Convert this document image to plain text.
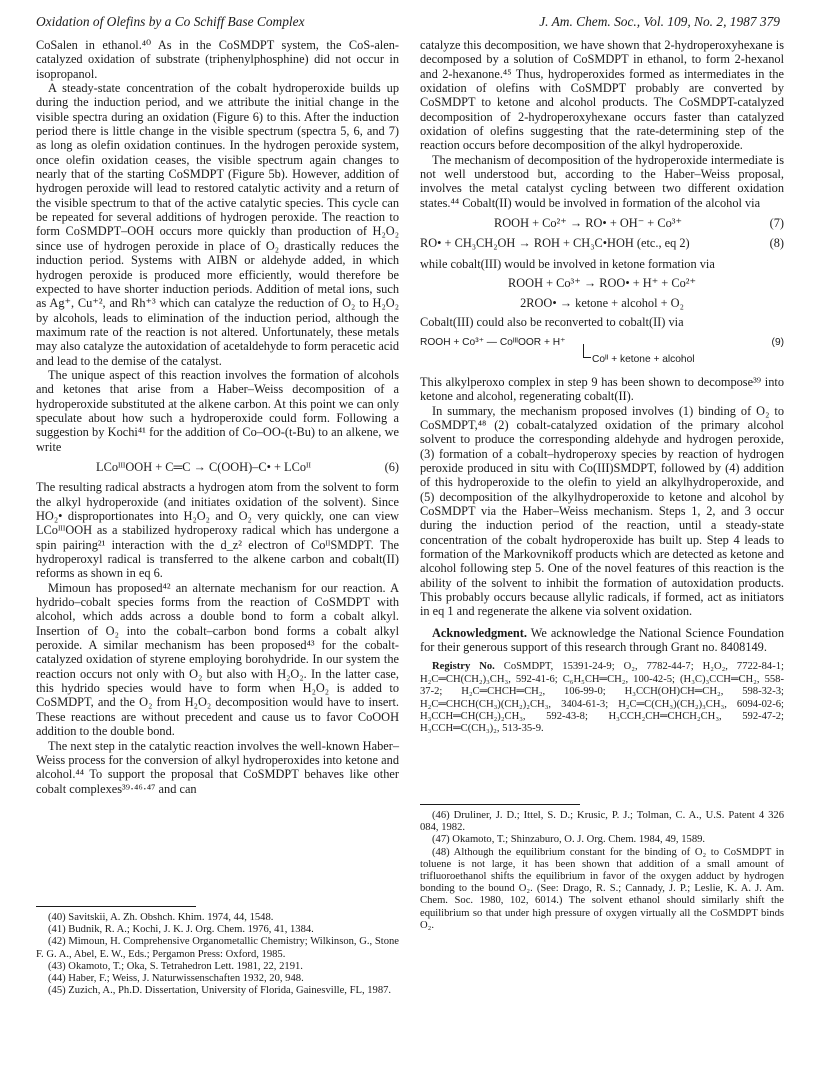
Oxidation of Olefins by a Co Schiff Base Complex	J. Am. Chem. Soc., Vol. 109, No. 2, 1987 379

CoSalen in ethanol.⁴⁰ As in the CoSMDPT system, the CoS-alen-catalyzed oxidation of substrate (triphenylphosphine) did not occur in isopropanol.

A steady-state concentration of the cobalt hydroperoxide builds up during the induction period, and we attribute the initial change in the visible spectra during an oxidation (Figure 6) to this. After the induction period there is little change in the visible spectrum (spectra 5, 6, and 7) as long as olefin oxidation continues. In the hydrogen peroxide system, once olefin oxidation ceases, the visible spectrum again changes to nearly that of the starting CoSMDPT (Figure 5b). However, addition of hydrogen peroxide will lead to restored catalytic activity and a return of the visible spectrum to that of the active catalytic species. This cycle can be repeated for several additions of hydrogen peroxide. The reaction to form CoSMDPT–OOH occurs more quickly than production of H₂O₂ since use of hydrogen peroxide in place of O₂ drastically reduces the induction period. Systems with AIBN or aldehyde added, in which hydrogen peroxide is produced more efficiently, would therefore be expected to have shorter induction periods. Addition of metal ions, such as Ag⁺, Cu⁺², and Rh⁺³ which can catalyze the reduction of O₂ to H₂O₂ by alcohols, leads to elimination of the induction period, although the maximum rate of the reaction is not altered. Unfortunately, these metals may also catalyze the autoxidation of acetaldehyde to form peracetic acid and lead to the demise of the catalyst.

The unique aspect of this reaction involves the formation of alcohols and ketones that arise from a Haber–Weiss decomposition of a hydroperoxide substituted at the alkene carbon. At this point we can only speculate about how such a hydroperoxide could form. Following a suggestion by Kochi⁴¹ for the addition of Co–OO-(t-Bu) to an alkene, we write

LCoᴵᴵᴵOOH + C═C → C(OOH)–C• + LCoᴵᴵ	(6)

The resulting radical abstracts a hydrogen atom from the solvent to form the alkyl hydroperoxide (and initiates oxidation of the solvent). Since HO₂• disproportionates into H₂O₂ and O₂ very quickly, one can view LCoᴵᴵᴵOOH as a stabilized hydroperoxy radical which has undergone a spin pairing²¹ interaction with the d_z² electron of CoᴵᴵSMDPT. The hydroperoxyl radical is transferred to the alkene carbon and cobalt(II) reforms as shown in eq 6.

Mimoun has proposed⁴² an alternate mechanism for our reaction. A hydrido–cobalt species forms from the reaction of CoSMDPT with alcohol, which adds across a double bond to form a cobalt alkyl. Insertion of O₂ into the cobalt–carbon bond forms a cobalt alkyl peroxide. A similar mechanism has been proposed⁴³ for the cobalt-catalyzed oxidation of styrene employing borohydride. In our system the reaction occurs not only with O₂ but also with H₂O₂. In the latter case, this hydrido species would have to form when H₂O₂ is added to CoSMDPT, and the O₂ from H₂O₂ decomposition would have to insert. These reactions are without precedent and cause us to favor CoOOH addition to the double bond.

The next step in the catalytic reaction involves the well-known Haber–Weiss process for the conversion of alkyl hydroperoxides into ketone and alcohol.⁴⁴ To support the proposal that CoSMDPT behaves like other cobalt complexes³⁹·⁴⁶·⁴⁷ and can

catalyze this decomposition, we have shown that 2-hydroperoxyhexane is decomposed by a solution of CoSMDPT in ethanol, to form 2-hexanol and 2-hexanone.⁴⁵ Thus, hydroperoxides formed as intermediates in the oxidation of olefins with CoSMDPT probably are converted by CoSMDPT to ketone and alcohol products. The CoSMDPT-catalyzed decomposition of 2-hydroperoxyhexane occurs faster than catalyzed oxidation of olefins suggesting that the rate-determining step of the reaction occurs before decomposition of the alkyl hydroperoxide.

The mechanism of decomposition of the hydroperoxide intermediate is not well understood but, according to the Haber–Weiss proposal, involves the metal catalyst cycling between two different oxidation states.⁴⁴ Cobalt(II) would be involved in formation of the alcohol via

ROOH + Co²⁺ → RO• + OH⁻ + Co³⁺	(7)
RO• + CH₃CH₂OH → ROH + CH₃C•HOH (etc., eq 2)	(8)

while cobalt(III) would be involved in ketone formation via

ROOH + Co³⁺ → ROO• + H⁺ + Co²⁺

2ROO• → ketone + alcohol + O₂

Cobalt(III) could also be reconverted to cobalt(II) via

ROOH + Co³⁺ — CoᴵᴵᴵOOR + H⁺	(9)
Coᴵᴵ + ketone + alcohol

This alkylperoxo complex in step 9 has been shown to decompose³⁹ into ketone and alcohol, regenerating cobalt(II).

In summary, the mechanism proposed involves (1) binding of O₂ to CoSMDPT,⁴⁸ (2) cobalt-catalyzed oxidation of the primary alcohol solvent to produce the corresponding aldehyde and hydrogen peroxide, (3) formation of a cobalt–hydroperoxy species by reaction of hydrogen peroxide produced in situ with Co(III)SMDPT, followed by (4) addition of this hydroperoxide to the olefin to yield an alkylhydroperoxide, and (5) decomposition of the alkylhydroperoxide to ketone and alcohol by CoSMDPT via the Haber–Weiss mechanism. Steps 1, 2, and 3 occur during the induction period of the reaction, until a steady-state concentration of the cobalt hydroperoxide has built up. Step 4 leads to formation of the Markovnikoff products which are detected as ketone and alcohol following step 5. One of the novel features of this reaction is the ability of the solvent to inhibit the formation of autoxidation products. This probably occurs because allylic radicals, if formed, act as initiators in eq 1 and regenerate the alkene via solvent oxidation.

Acknowledgment. We acknowledge the National Science Foundation for their generous support of this research through Grant no. 8408149.

Registry No. CoSMDPT, 15391-24-9; O₂, 7782-44-7; H₂O₂, 7722-84-1; H₂C═CH(CH₂)₃CH₃, 592-41-6; C₆H₅CH═CH₂, 100-42-5; (H₃C)₃CCH═CH₂, 558-37-2; H₂C═CHCH═CH₂, 106-99-0; H₃CCH(OH)CH═CH₂, 598-32-3; H₂C═CHCH(CH₃)(CH₂)₂CH₃, 3404-61-3; H₂C═C(CH₃)(CH₂)₃CH₃, 6094-02-6; H₃CCH═CH(CH₂)₂CH₃, 592-43-8; H₃CCH₂CH═CHCH₂CH₃, 592-47-2; H₃CCH═C(CH₃)₂, 513-35-9.

(40) Savitskii, A. Zh. Obshch. Khim. 1974, 44, 1548.

(41) Budnik, R. A.; Kochi, J. K. J. Org. Chem. 1976, 41, 1384.

(42) Mimoun, H. Comprehensive Organometallic Chemistry; Wilkinson, G., Stone F. G. A., Abel, E. W., Eds.; Pergamon Press: Oxford, 1985.

(43) Okamoto, T.; Oka, S. Tetrahedron Lett. 1981, 22, 2191.

(44) Haber, F.; Weiss, J. Naturwissenschaften 1932, 20, 948.

(45) Zuzich, A., Ph.D. Dissertation, University of Florida, Gainesville, FL, 1987.

(46) Druliner, J. D.; Ittel, S. D.; Krusic, P. J.; Tolman, C. A., U.S. Patent 4 326 084, 1982.

(47) Okamoto, T.; Shinzaburo, O. J. Org. Chem. 1984, 49, 1589.

(48) Although the equilibrium constant for the binding of O₂ to CoSMDPT in toluene is not large, it has been shown that addition of a small amount of trifluoroethanol shifts the equilibrium in favor of the oxygen adduct by hydrogen bonding to the bound O₂. (See: Drago, R. S.; Cannady, J. P.; Leslie, K. A. J. Am. Chem. Soc. 1980, 102, 6014.) The solvent ethanol should similarly shift the equilibrium so that under high pressure of oxygen virtually all the CoSMDPT binds O₂.
